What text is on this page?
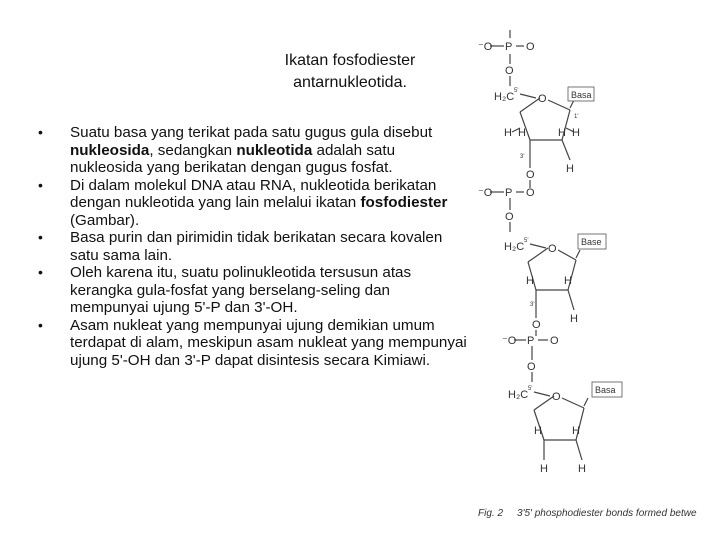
Ikatan fosfodiester
antarnukleotida.
• Suatu basa yang terikat pada satu gugus gula disebut nukleosida, sedangkan nukleotida adalah satu nukleosida yang berikatan dengan gugus fosfat.
• Di dalam molekul DNA atau RNA, nukleotida berikatan dengan nukleotida yang lain melalui ikatan fosfodiester (Gambar).
• Basa purin dan pirimidin tidak berikatan secara kovalen satu sama lain.
• Oleh karena itu, suatu polinukleotida tersusun atas kerangka gula-fosfat yang berselang-seling dan mempunyai ujung 5'-P dan 3'-OH.
• Asam nukleat yang mempunyai ujung demikian umum terdapat di alam, meskipun asam nukleat yang mempunyai ujung 5'-OH dan 3'-P dapat disintesis secara Kimiawi.
⁻O P O
O
H₂C 5'
O	Basa
1'
H H	H H
3'
O	H
⁻O P O
O
H₂C 5'
O
Base
H	H
3'
O	H
⁻O P O
O
H₂C 5'
O
Basa
H	H
H	H
Fig. 2 3'5' phosphodiester bonds formed betwe
